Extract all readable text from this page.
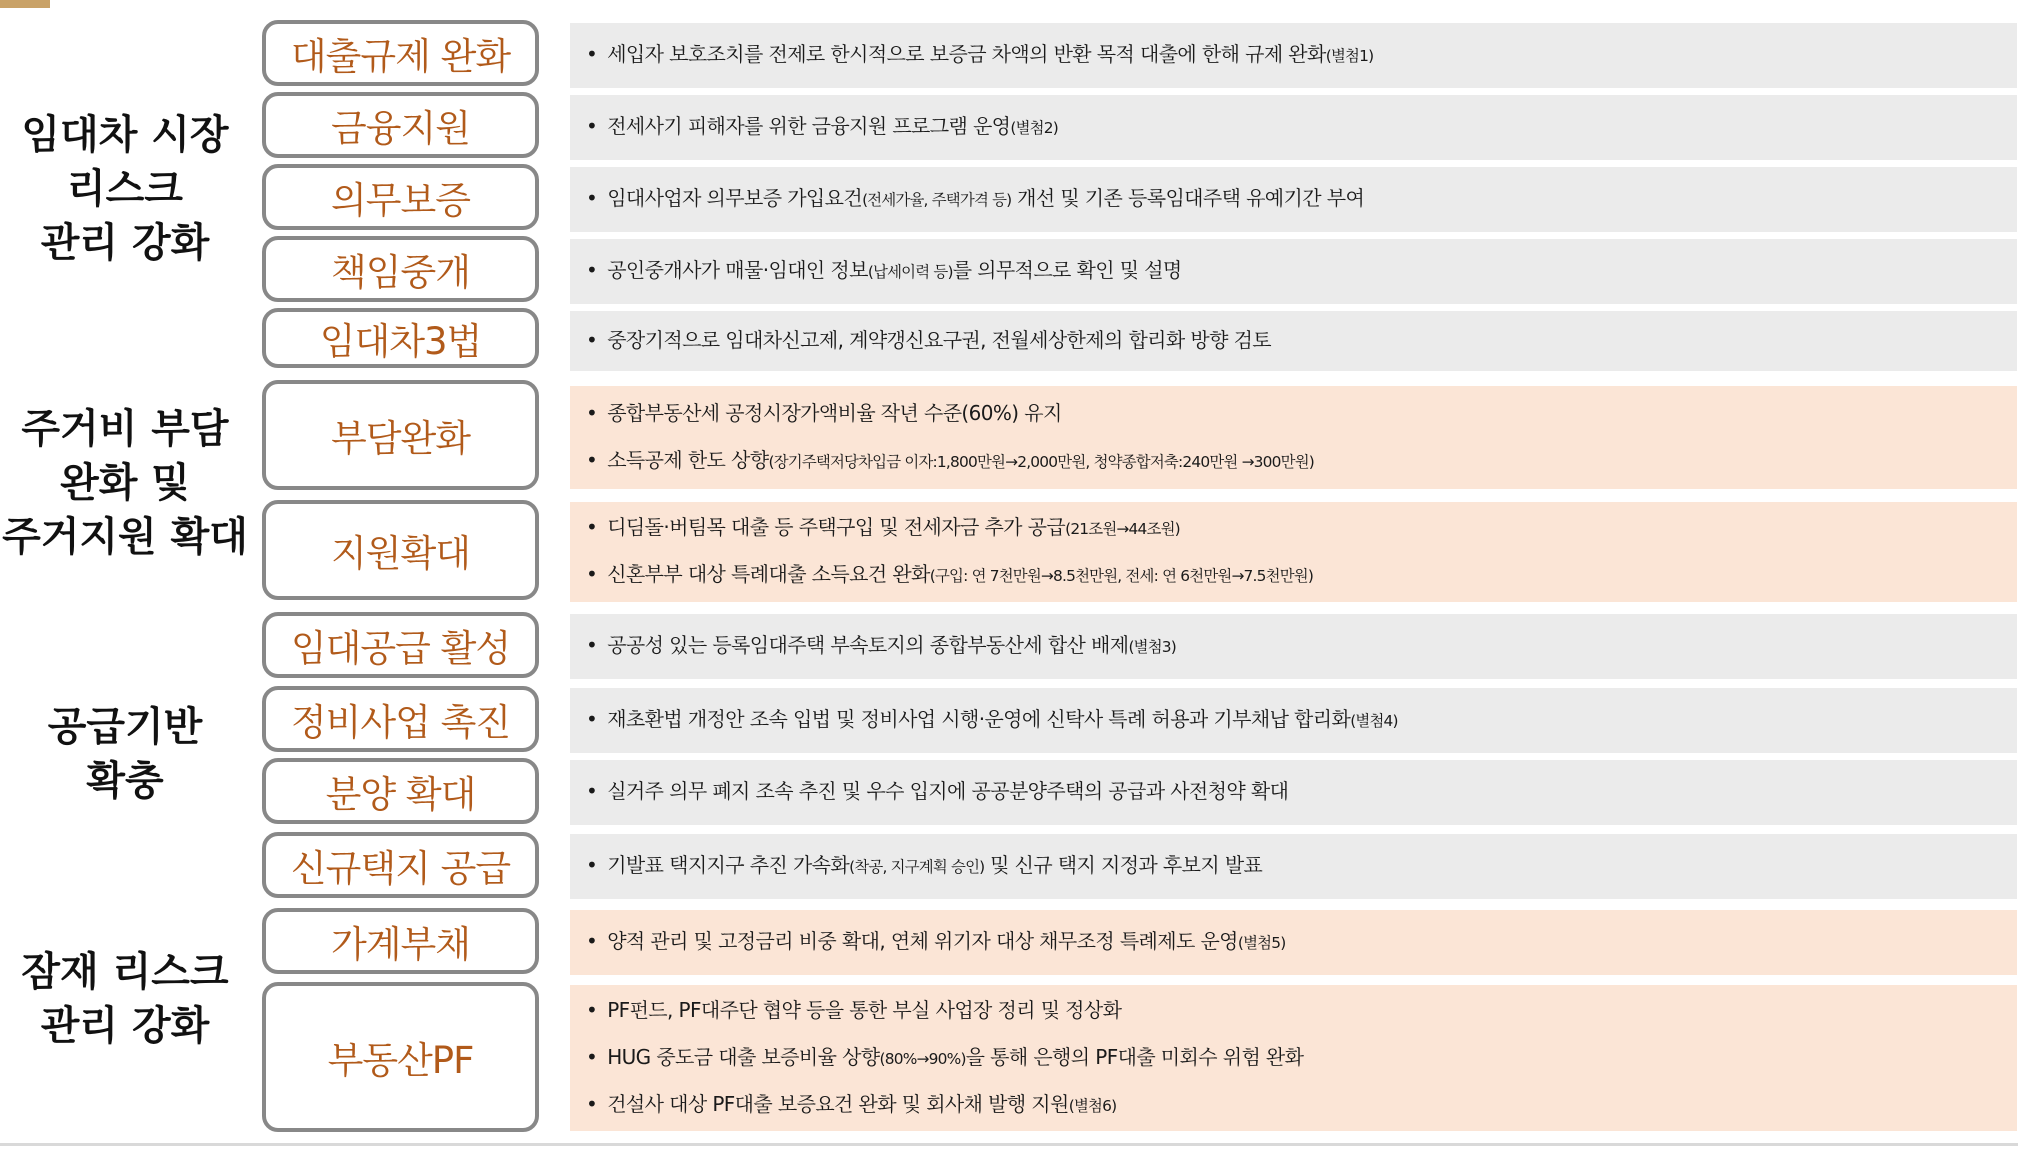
임대차 시장
리스크
관리 강화
주거비 부담
완화 및
주거지원 확대
공급기반
확충
잠재 리스크
관리 강화
대출규제 완화
금융지원
의무보증
책임중개
임대차3법
부담완화
지원확대
임대공급 활성
정비사업 촉진
분양 확대
신규택지 공급
가계부채
부동산PF
• 세입자 보호조치를 전제로 한시적으로 보증금 차액의 반환 목적 대출에 한해 규제 완화(별첨1)
• 전세사기 피해자를 위한 금융지원 프로그램 운영(별첨2)
• 임대사업자 의무보증 가입요건(전세가율, 주택가격 등) 개선 및 기존 등록임대주택 유예기간 부여
• 공인중개사가 매물·임대인 정보(납세이력 등)를 의무적으로 확인 및 설명
• 중장기적으로 임대차신고제, 계약갱신요구권, 전월세상한제의 합리화 방향 검토
• 종합부동산세 공정시장가액비율 작년 수준(60%) 유지
• 소득공제 한도 상향(장기주택저당차입금 이자:1,800만원→2,000만원, 청약종합저축:240만원 →300만원)
• 디딤돌·버팀목 대출 등 주택구입 및 전세자금 추가 공급(21조원→44조원)
• 신혼부부 대상 특례대출 소득요건 완화(구입: 연 7천만원→8.5천만원, 전세: 연 6천만원→7.5천만원)
• 공공성 있는 등록임대주택 부속토지의 종합부동산세 합산 배제(별첨3)
• 재초환법 개정안 조속 입법 및 정비사업 시행·운영에 신탁사 특례 허용과 기부채납 합리화(별첨4)
• 실거주 의무 폐지 조속 추진 및 우수 입지에 공공분양주택의 공급과 사전청약 확대
• 기발표 택지지구 추진 가속화(착공, 지구계획 승인) 및 신규 택지 지정과 후보지 발표
• 양적 관리 및 고정금리 비중 확대, 연체 위기자 대상 채무조정 특례제도 운영(별첨5)
• PF펀드, PF대주단 협약 등을 통한 부실 사업장 정리 및 정상화
• HUG 중도금 대출 보증비율 상향(80%→90%)을 통해 은행의 PF대출 미회수 위험 완화
• 건설사 대상 PF대출 보증요건 완화 및 회사채 발행 지원(별첨6)
